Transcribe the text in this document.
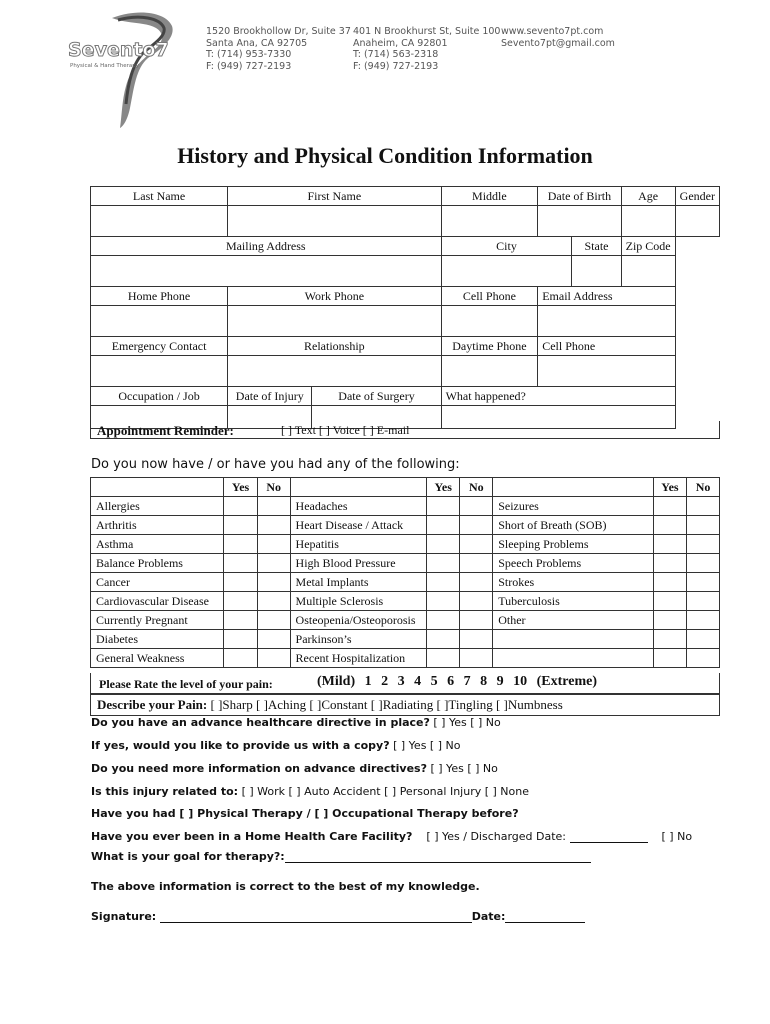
Sevento7
Physical & Hand Therapy
1520 Brookhollow Dr, Suite 37
Santa Ana, CA 92705
T: (714) 953-7330
F: (949) 727-2193
401 N Brookhurst St, Suite 100
Anaheim, CA 92801
T: (714) 563-2318
F: (949) 727-2193
www.sevento7pt.com
Sevento7pt@gmail.com
History and Physical Condition Information
Last Name	First Name		Middle	Date of Birth		Age	Gender

Mailing Address			City		State	Zip Code	

Home Phone	Work Phone		Cell Phone	Email Address			

Emergency Contact	Relationship		Daytime Phone	Cell Phone			

Occupation / Job	Date of Injury	Date of Surgery	What happened?				

Appointment Reminder:	[ ] Text [ ] Voice [ ] E-mail
Do you now have / or have you had any of the following:
	Yes	No		Yes	No		Yes	No
Allergies			Headaches			Seizures		
Arthritis			Heart Disease / Attack			Short of Breath (SOB)		
Asthma			Hepatitis			Sleeping Problems		
Balance Problems			High Blood Pressure			Speech Problems		
Cancer			Metal Implants			Strokes		
Cardiovascular Disease			Multiple Sclerosis			Tuberculosis		
Currently Pregnant			Osteopenia/Osteoporosis			Other		
Diabetes			Parkinson’s					
General Weakness			Recent Hospitalization					
Please Rate the level of your pain:	(Mild) 1 2 3 4 5 6 7 8 9 10 (Extreme)
Describe your Pain: [ ]Sharp [ ]Aching [ ]Constant [ ]Radiating [ ]Tingling [ ]Numbness
Do you have an advance healthcare directive in place? [ ] Yes [ ] No
If yes, would you like to provide us with a copy? [ ] Yes [ ] No
Do you need more information on advance directives? [ ] Yes [ ] No
Is this injury related to: [ ] Work [ ] Auto Accident [ ] Personal Injury [ ] None
Have you had [ ] Physical Therapy / [ ] Occupational Therapy before?
Have you ever been in a Home Health Care Facility? [ ] Yes / Discharged Date:	[ ] No
What is your goal for therapy?:
The above information is correct to the best of my knowledge.
Signature:	Date:
